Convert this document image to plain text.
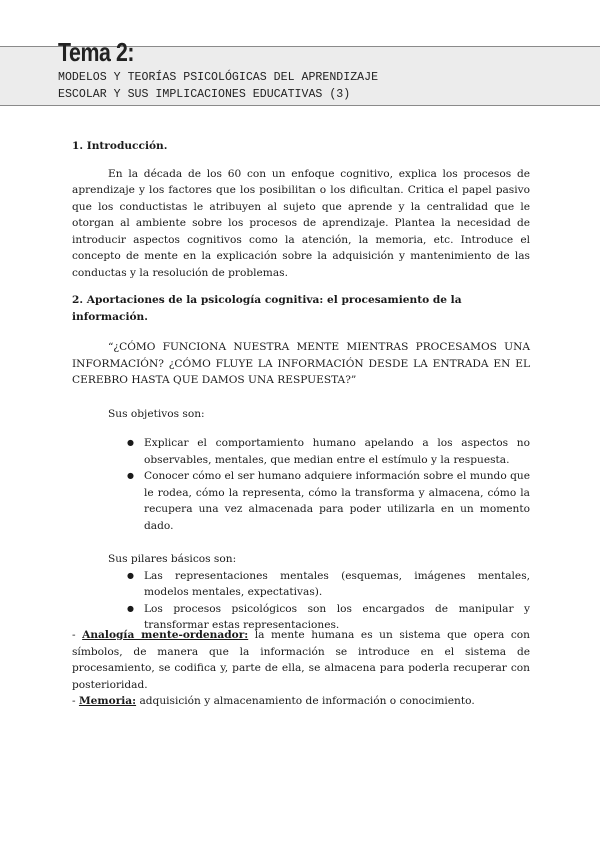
Tema 2:
MODELOS Y TEORÍAS PSICOLÓGICAS DEL APRENDIZAJE
ESCOLAR Y SUS IMPLICACIONES EDUCATIVAS (3)
1. Introducción.

En la década de los 60 con un enfoque cognitivo, explica los procesos de aprendizaje y los factores que los posibilitan o los dificultan. Critica el papel pasivo que los conductistas le atribuyen al sujeto que aprende y la centralidad que le otorgan al ambiente sobre los procesos de aprendizaje. Plantea la necesidad de introducir aspectos cognitivos como la atención, la memoria, etc. Introduce el concepto de mente en la explicación sobre la adquisición y mantenimiento de las conductas y la resolución de problemas.

2. Aportaciones de la psicología cognitiva: el procesamiento de la información.

“¿CÓMO FUNCIONA NUESTRA MENTE MIENTRAS PROCESAMOS UNA INFORMACIÓN? ¿CÓMO FLUYE LA INFORMACIÓN DESDE LA ENTRADA EN EL CEREBRO HASTA QUE DAMOS UNA RESPUESTA?”

Sus objetivos son:

● Explicar el comportamiento humano apelando a los aspectos no observables, mentales, que median entre el estímulo y la respuesta.
● Conocer cómo el ser humano adquiere información sobre el mundo que le rodea, cómo la representa, cómo la transforma y almacena, cómo la recupera una vez almacenada para poder utilizarla en un momento dado.

Sus pilares básicos son:

● Las representaciones mentales (esquemas, imágenes mentales, modelos mentales, expectativas).
● Los procesos psicológicos son los encargados de manipular y transformar estas representaciones.
- Analogía mente-ordenador: la mente humana es un sistema que opera con símbolos, de manera que la información se introduce en el sistema de procesamiento, se codifica y, parte de ella, se almacena para poderla recuperar con posterioridad.
- Memoria: adquisición y almacenamiento de información o conocimiento.
